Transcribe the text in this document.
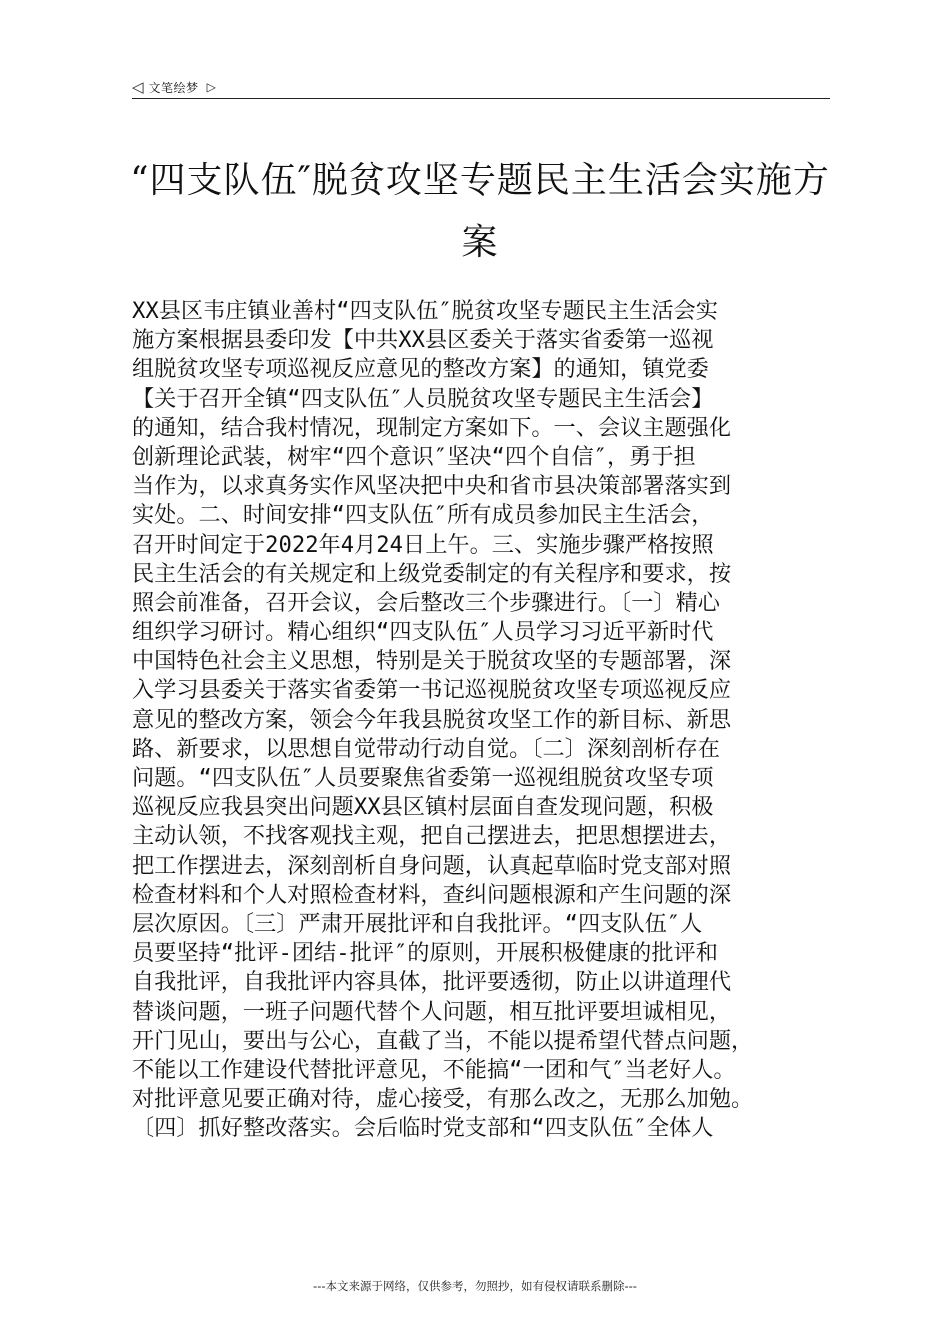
◁ 文笔绘梦 ▷
“四支队伍″脱贫攻坚专题民主生活会实施方
案
XX县区韦庄镇业善村“四支队伍″脱贫攻坚专题民主生活会实
施方案根据县委印发【中共XX县区委关于落实省委第一巡视
组脱贫攻坚专项巡视反应意见的整改方案】的通知，镇党委
【关于召开全镇“四支队伍″人员脱贫攻坚专题民主生活会】
的通知，结合我村情况，现制定方案如下。一、会议主题强化
创新理论武装，树牢“四个意识″坚决“四个自信″，勇于担
当作为，以求真务实作风坚决把中央和省市县决策部署落实到
实处。二、时间安排“四支队伍″所有成员参加民主生活会，
召开时间定于2022年4月24日上午。三、实施步骤严格按照
民主生活会的有关规定和上级党委制定的有关程序和要求，按
照会前准备，召开会议，会后整改三个步骤进行。〔一〕精心
组织学习研讨。精心组织“四支队伍″人员学习习近平新时代
中国特色社会主义思想，特别是关于脱贫攻坚的专题部署，深
入学习县委关于落实省委第一书记巡视脱贫攻坚专项巡视反应
意见的整改方案，领会今年我县脱贫攻坚工作的新目标、新思
路、新要求，以思想自觉带动行动自觉。〔二〕深刻剖析存在
问题。“四支队伍″人员要聚焦省委第一巡视组脱贫攻坚专项
巡视反应我县突出问题XX县区镇村层面自查发现问题，积极
主动认领，不找客观找主观，把自己摆进去，把思想摆进去，
把工作摆进去，深刻剖析自身问题，认真起草临时党支部对照
检查材料和个人对照检查材料，查纠问题根源和产生问题的深
层次原因。〔三〕严肃开展批评和自我批评。“四支队伍″人
员要坚持“批评-团结-批评″的原则，开展积极健康的批评和
自我批评，自我批评内容具体，批评要透彻，防止以讲道理代
替谈问题，一班子问题代替个人问题，相互批评要坦诚相见，
开门见山，要出与公心，直截了当，不能以提希望代替点问题，
不能以工作建设代替批评意见，不能搞“一团和气″当老好人。
对批评意见要正确对待，虚心接受，有那么改之，无那么加勉。
〔四〕抓好整改落实。会后临时党支部和“四支队伍″全体人
---本文来源于网络，仅供参考，勿照抄，如有侵权请联系删除---
